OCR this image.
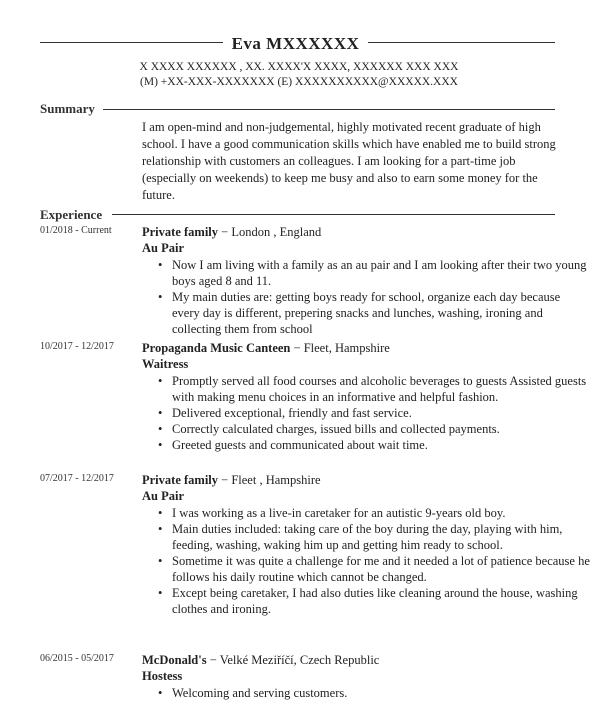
Eva MXXXXXX
X XXXX XXXXXX , XX. XXXX'X XXXX, XXXXXX XXX XXX
(M) +XX-XXX-XXXXXXX (E) XXXXXXXXXX@XXXXX.XXX
Summary
I am open-mind and non-judgemental, highly motivated recent graduate of high school. I have a good communication skills which have enabled me to build strong relationship with customers an colleagues. I am looking for a part-time job (especially on weekends) to keep me busy and also to earn some money for the future.
Experience
01/2018 - Current Private family − London , England
Au Pair
• Now I am living with a family as an au pair and I am looking after their two young boys aged 8 and 11.
• My main duties are: getting boys ready for school, organize each day because every day is different, prepering snacks and lunches, washing, ironing and collecting them from school
10/2017 - 12/2017 Propaganda Music Canteen − Fleet, Hampshire
Waitress
• Promptly served all food courses and alcoholic beverages to guests Assisted guests with making menu choices in an informative and helpful fashion.
• Delivered exceptional, friendly and fast service.
• Correctly calculated charges, issued bills and collected payments.
• Greeted guests and communicated about wait time.
07/2017 - 12/2017 Private family − Fleet , Hampshire
Au Pair
• I was working as a live-in caretaker for an autistic 9-years old boy.
• Main duties included: taking care of the boy during the day, playing with him, feeding, washing, waking him up and getting him ready to school.
• Sometime it was quite a challenge for me and it needed a lot of patience because he follows his daily routine which cannot be changed.
• Except being caretaker, I had also duties like cleaning around the house, washing clothes and ironing.
06/2015 - 05/2017 McDonald's − Velké Meziříčí, Czech Republic
Hostess
• Welcoming and serving customers.
